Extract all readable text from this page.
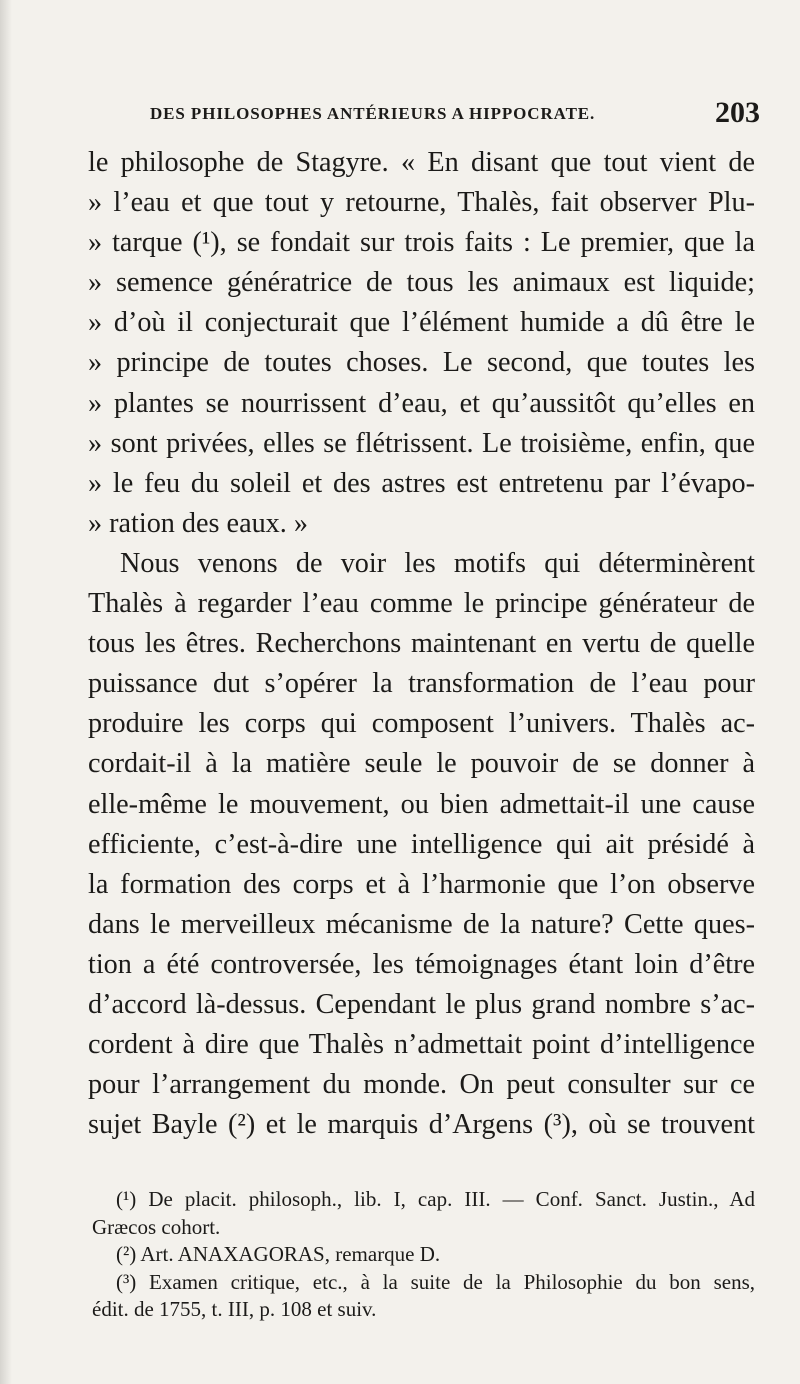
DES PHILOSOPHES ANTÉRIEURS A HIPPOCRATE.	203
le philosophe de Stagyre. « En disant que tout vient de
» l’eau et que tout y retourne, Thalès, fait observer Plu-
» tarque (¹), se fondait sur trois faits : Le premier, que la
» semence génératrice de tous les animaux est liquide;
» d’où il conjecturait que l’élément humide a dû être le
» principe de toutes choses. Le second, que toutes les
» plantes se nourrissent d’eau, et qu’aussitôt qu’elles en
» sont privées, elles se flétrissent. Le troisième, enfin, que
» le feu du soleil et des astres est entretenu par l’évapo-
» ration des eaux. »
Nous venons de voir les motifs qui déterminèrent
Thalès à regarder l’eau comme le principe générateur de
tous les êtres. Recherchons maintenant en vertu de quelle
puissance dut s’opérer la transformation de l’eau pour
produire les corps qui composent l’univers. Thalès ac-
cordait-il à la matière seule le pouvoir de se donner à
elle-même le mouvement, ou bien admettait-il une cause
efficiente, c’est-à-dire une intelligence qui ait présidé à
la formation des corps et à l’harmonie que l’on observe
dans le merveilleux mécanisme de la nature? Cette ques-
tion a été controversée, les témoignages étant loin d’être
d’accord là-dessus. Cependant le plus grand nombre s’ac-
cordent à dire que Thalès n’admettait point d’intelligence
pour l’arrangement du monde. On peut consulter sur ce
sujet Bayle (²) et le marquis d’Argens (³), où se trouvent
(¹) De placit. philosoph., lib. I, cap. III. — Conf. Sanct. Justin., Ad
Græcos cohort.
(²) Art. ANAXAGORAS, remarque D.
(³) Examen critique, etc., à la suite de la Philosophie du bon sens,
édit. de 1755, t. III, p. 108 et suiv.
